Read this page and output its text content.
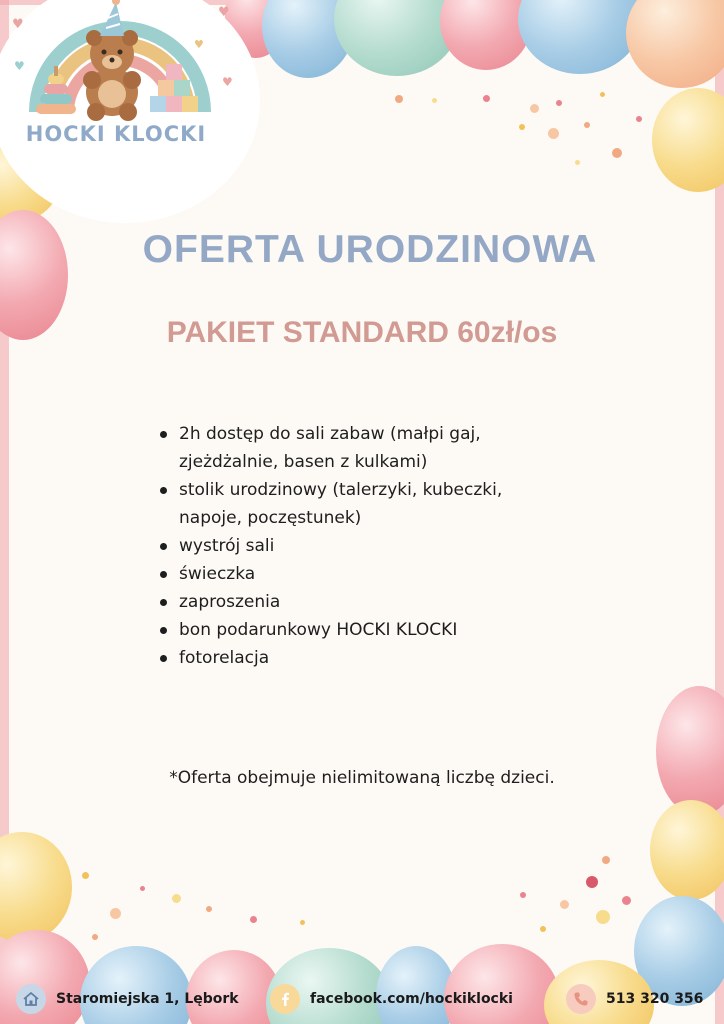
♥
♥
♥
♥
♥
HOCKI KLOCKI
OFERTA URODZINOWA
PAKIET STANDARD 60zł/os
2h dostęp do sali zabaw (małpi gaj,
zjeżdżalnie, basen z kulkami)
stolik urodzinowy (talerzyki, kubeczki,
napoje, poczęstunek)
wystrój sali
świeczka
zaproszenia
bon podarunkowy HOCKI KLOCKI
fotorelacja
*Oferta obejmuje nielimitowaną liczbę dzieci.
Staromiejska 1, Lębork	facebook.com/hockiklocki	513 320 356
